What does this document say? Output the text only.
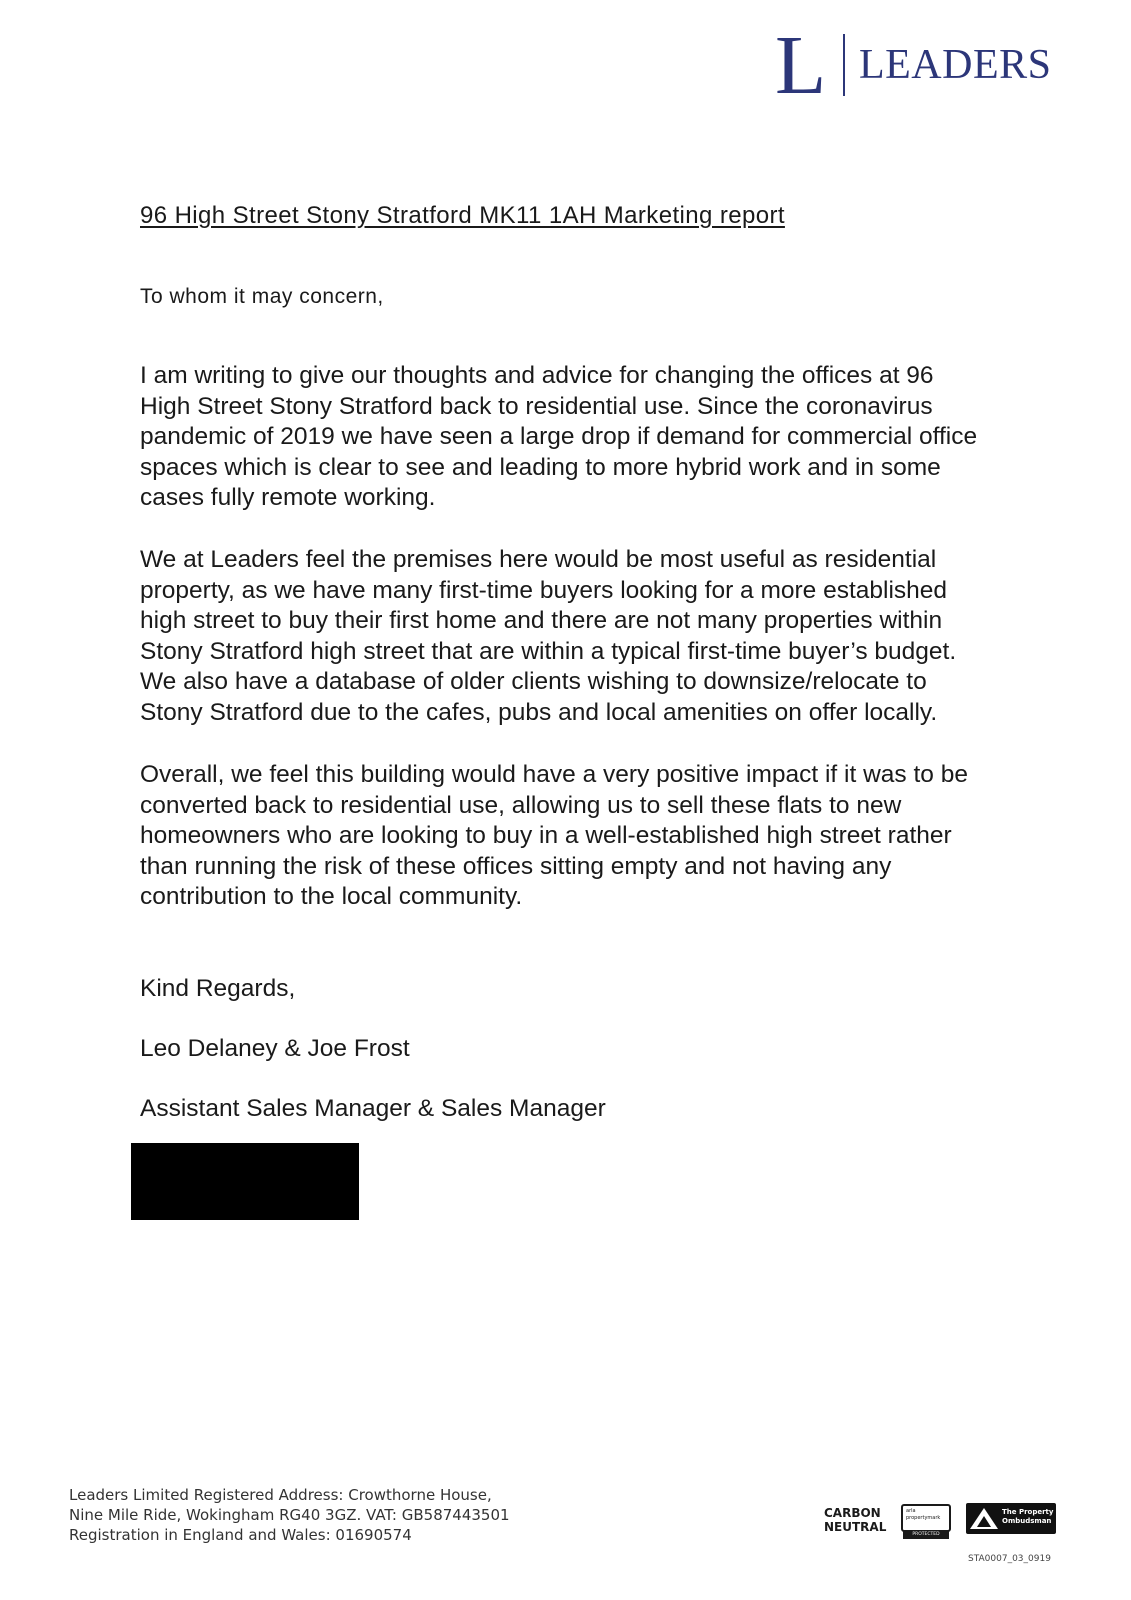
L LEADERS
96 High Street Stony Stratford MK11 1AH Marketing report
To whom it may concern,

I am writing to give our thoughts and advice for changing the offices at 96
High Street Stony Stratford back to residential use. Since the coronavirus
pandemic of 2019 we have seen a large drop if demand for commercial office
spaces which is clear to see and leading to more hybrid work and in some
cases fully remote working.

We at Leaders feel the premises here would be most useful as residential
property, as we have many first-time buyers looking for a more established
high street to buy their first home and there are not many properties within
Stony Stratford high street that are within a typical first-time buyer’s budget.
We also have a database of older clients wishing to downsize/relocate to
Stony Stratford due to the cafes, pubs and local amenities on offer locally.

Overall, we feel this building would have a very positive impact if it was to be
converted back to residential use, allowing us to sell these flats to new
homeowners who are looking to buy in a well-established high street rather
than running the risk of these offices sitting empty and not having any
contribution to the local community.

Kind Regards,
Leo Delaney & Joe Frost
Assistant Sales Manager & Sales Manager
Leaders Limited Registered Address: Crowthorne House,
Nine Mile Ride, Wokingham RG40 3GZ. VAT: GB587443501
Registration in England and Wales: 01690574
CARBON
NEUTRAL
arla
propertymark
PROTECTED
The Property
Ombudsman
STA0007_03_0919
